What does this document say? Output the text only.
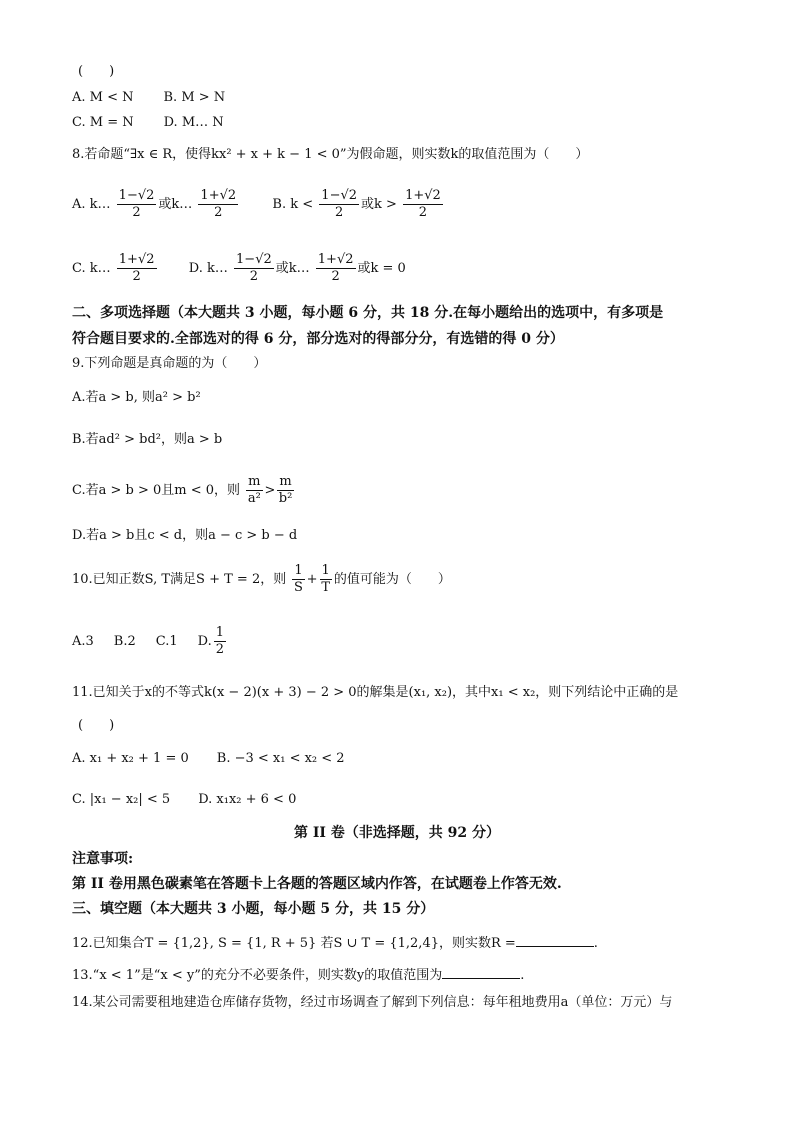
(　　)
A. M < N B. M > N
C. M = N D. M… N
8.若命题“∃x ∈ R，使得kx² + x + k − 1 < 0”为假命题，则实数k的取值范围为（　　）
A. k… $\frac{1-√2}{2}$ 或k… $\frac{1+√2}{2}$	B. $k < \frac{1-√2}{2}$ 或$k > \frac{1+√2}{2}$
C. k… $\frac{1+√2}{2} D$. k… $\frac{1-√2}{2}$ 或k… $\frac{1+√2}{2}$ 或k = 0
二、多项选择题（本大题共 3 小题，每小题 6 分，共 18 分.在每小题给出的选项中，有多项是
符合题目要求的.全部选对的得 6 分，部分选对的得部分分，有选错的得 0 分）
9.下列命题是真命题的为（　　）
A.若a > b, 则a² > b²
B.若ad² > bd²，则a > b
C.若a > b > 0且m < 0，则 $\frac{m}{\text{a²}} > \frac{m}{\text{b²}}$
D.若a > b且c < d，则a − c > b − d
10.已知正数S, T满足S + T = 2，则 $\frac{1}{S} + \frac{1}{T}$ 的值可能为（　　）
A.3 B.2 C.1 D. $\frac{1}{2}$
11.已知关于x的不等式k(x − 2)(x + 3) − 2 > 0的解集是(x₁, x₂)，其中x₁ < x₂，则下列结论中正确的是
(　　)
A. x₁ + x₂ + 1 = 0 B. −3 < x₁ < x₂ < 2
C. |x₁ − x₂| < 5 D. x₁x₂ + 6 < 0
第 II 卷（非选择题，共 92 分）
注意事项:
第 II 卷用黑色碳素笔在答题卡上各题的答题区域内作答，在试题卷上作答无效.
三、填空题（本大题共 3 小题，每小题 5 分，共 15 分）
12.已知集合T = {1,2}, S = {1, R + 5} 若S ∪ T = {1,2,4}，则实数R =	.
13.“x < 1”是“x < y”的充分不必要条件，则实数y的取值范围为	.
14.某公司需要租地建造仓库储存货物，经过市场调查了解到下列信息：每年租地费用a（单位：万元）与
